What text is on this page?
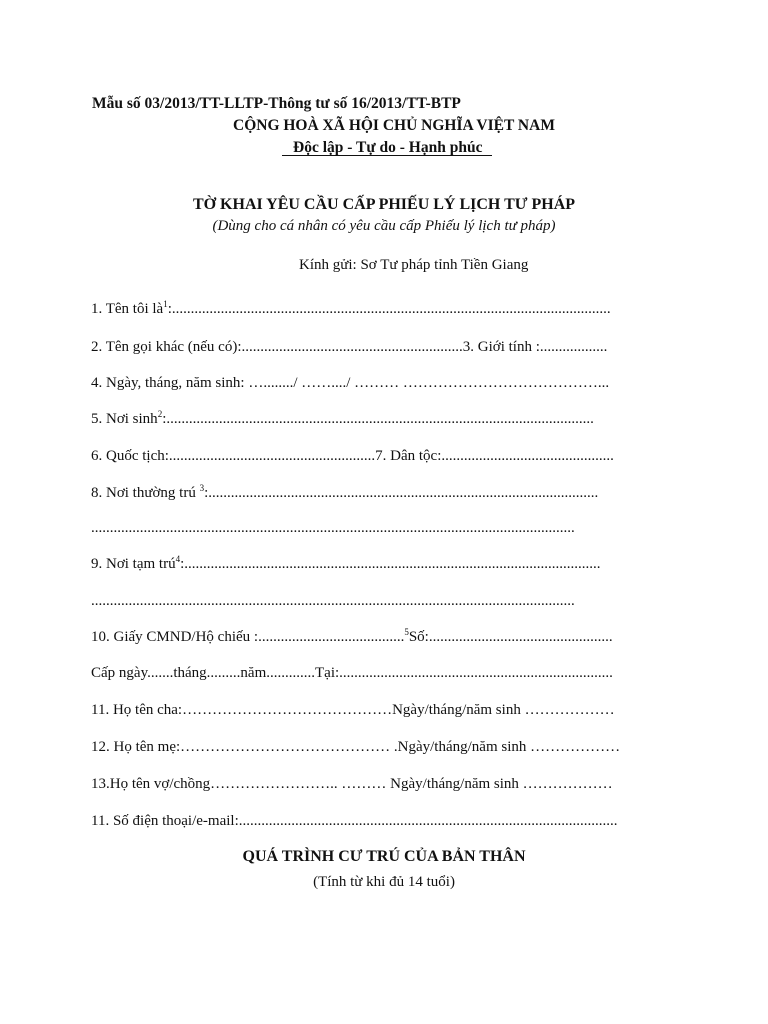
Mẫu số 03/2013/TT-LLTP-Thông tư số 16/2013/TT-BTP
CỘNG HOÀ XÃ HỘI CHỦ NGHĨA VIỆT NAM
Độc lập - Tự do - Hạnh phúc
TỜ KHAI YÊU CẦU CẤP PHIẾU LÝ LỊCH TƯ PHÁP
(Dùng cho cá nhân có yêu cầu cấp Phiếu lý lịch tư pháp)
Kính gửi: Sơ Tư pháp tỉnh Tiền Giang
1. Tên tôi $là^1$:.....................................................................................................................
2. Tên gọi khác (nếu có):...........................................................3. Giới tính :..................
4. Ngày, tháng, năm sinh: …......../ ……..../ ……… …………………………………...
5. Nơi $\sinh^2$:..................................................................................................................
6. Quốc tịch:.......................................................7. Dân tộc:..............................................
8. Nơi thường trú $^3$:........................................................................................................
.................................................................................................................................
9. Nơi tạm trú$^4$:...............................................................................................................
.................................................................................................................................
10. Giấy CMND/Hộ chiếu :.......................................$^5$Số:.................................................
Cấp ngày.......tháng.........năm.............Tại:.........................................................................
11. Họ tên cha:……………………………………Ngày/tháng/năm sinh ………………
12. Họ tên mẹ:…………………………………… .Ngày/tháng/năm sinh ………………
13.Họ tên vợ/chồng…………………….. ……… Ngày/tháng/năm sinh ………………
11. Số điện thoại/e-mail:.....................................................................................................
QUÁ TRÌNH CƯ TRÚ CỦA BẢN THÂN
(Tính từ khi đủ 14 tuổi)
